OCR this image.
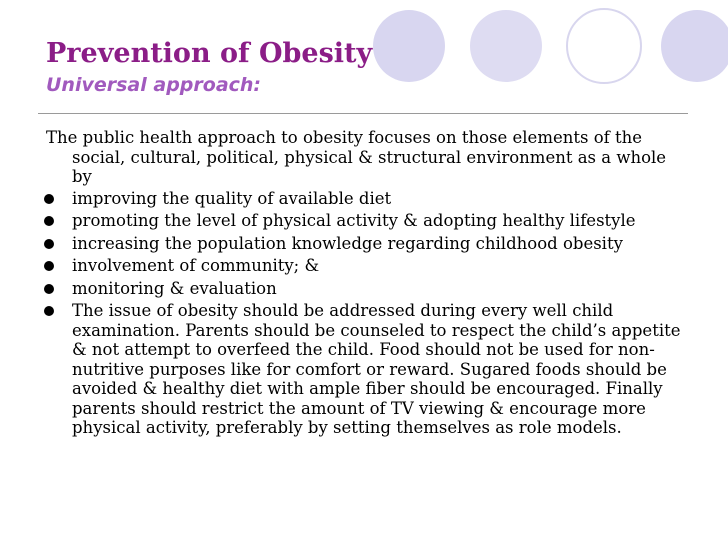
Prevention of Obesity
Universal approach:

The public health approach to obesity focuses on those elements of the social, cultural, political, physical & structural environment as a whole by

improving the quality of available diet
promoting the level of physical activity & adopting healthy lifestyle
increasing the population knowledge regarding childhood obesity
involvement of community; &
monitoring & evaluation
The issue of obesity should be addressed during every well child examination. Parents should be counseled to respect the child’s appetite & not attempt to overfeed the child. Food should not be used for non-nutritive purposes like for comfort or reward. Sugared foods should be avoided & healthy diet with ample fiber should be encouraged. Finally parents should restrict the amount of TV viewing & encourage more physical activity, preferably by setting themselves as role models.
